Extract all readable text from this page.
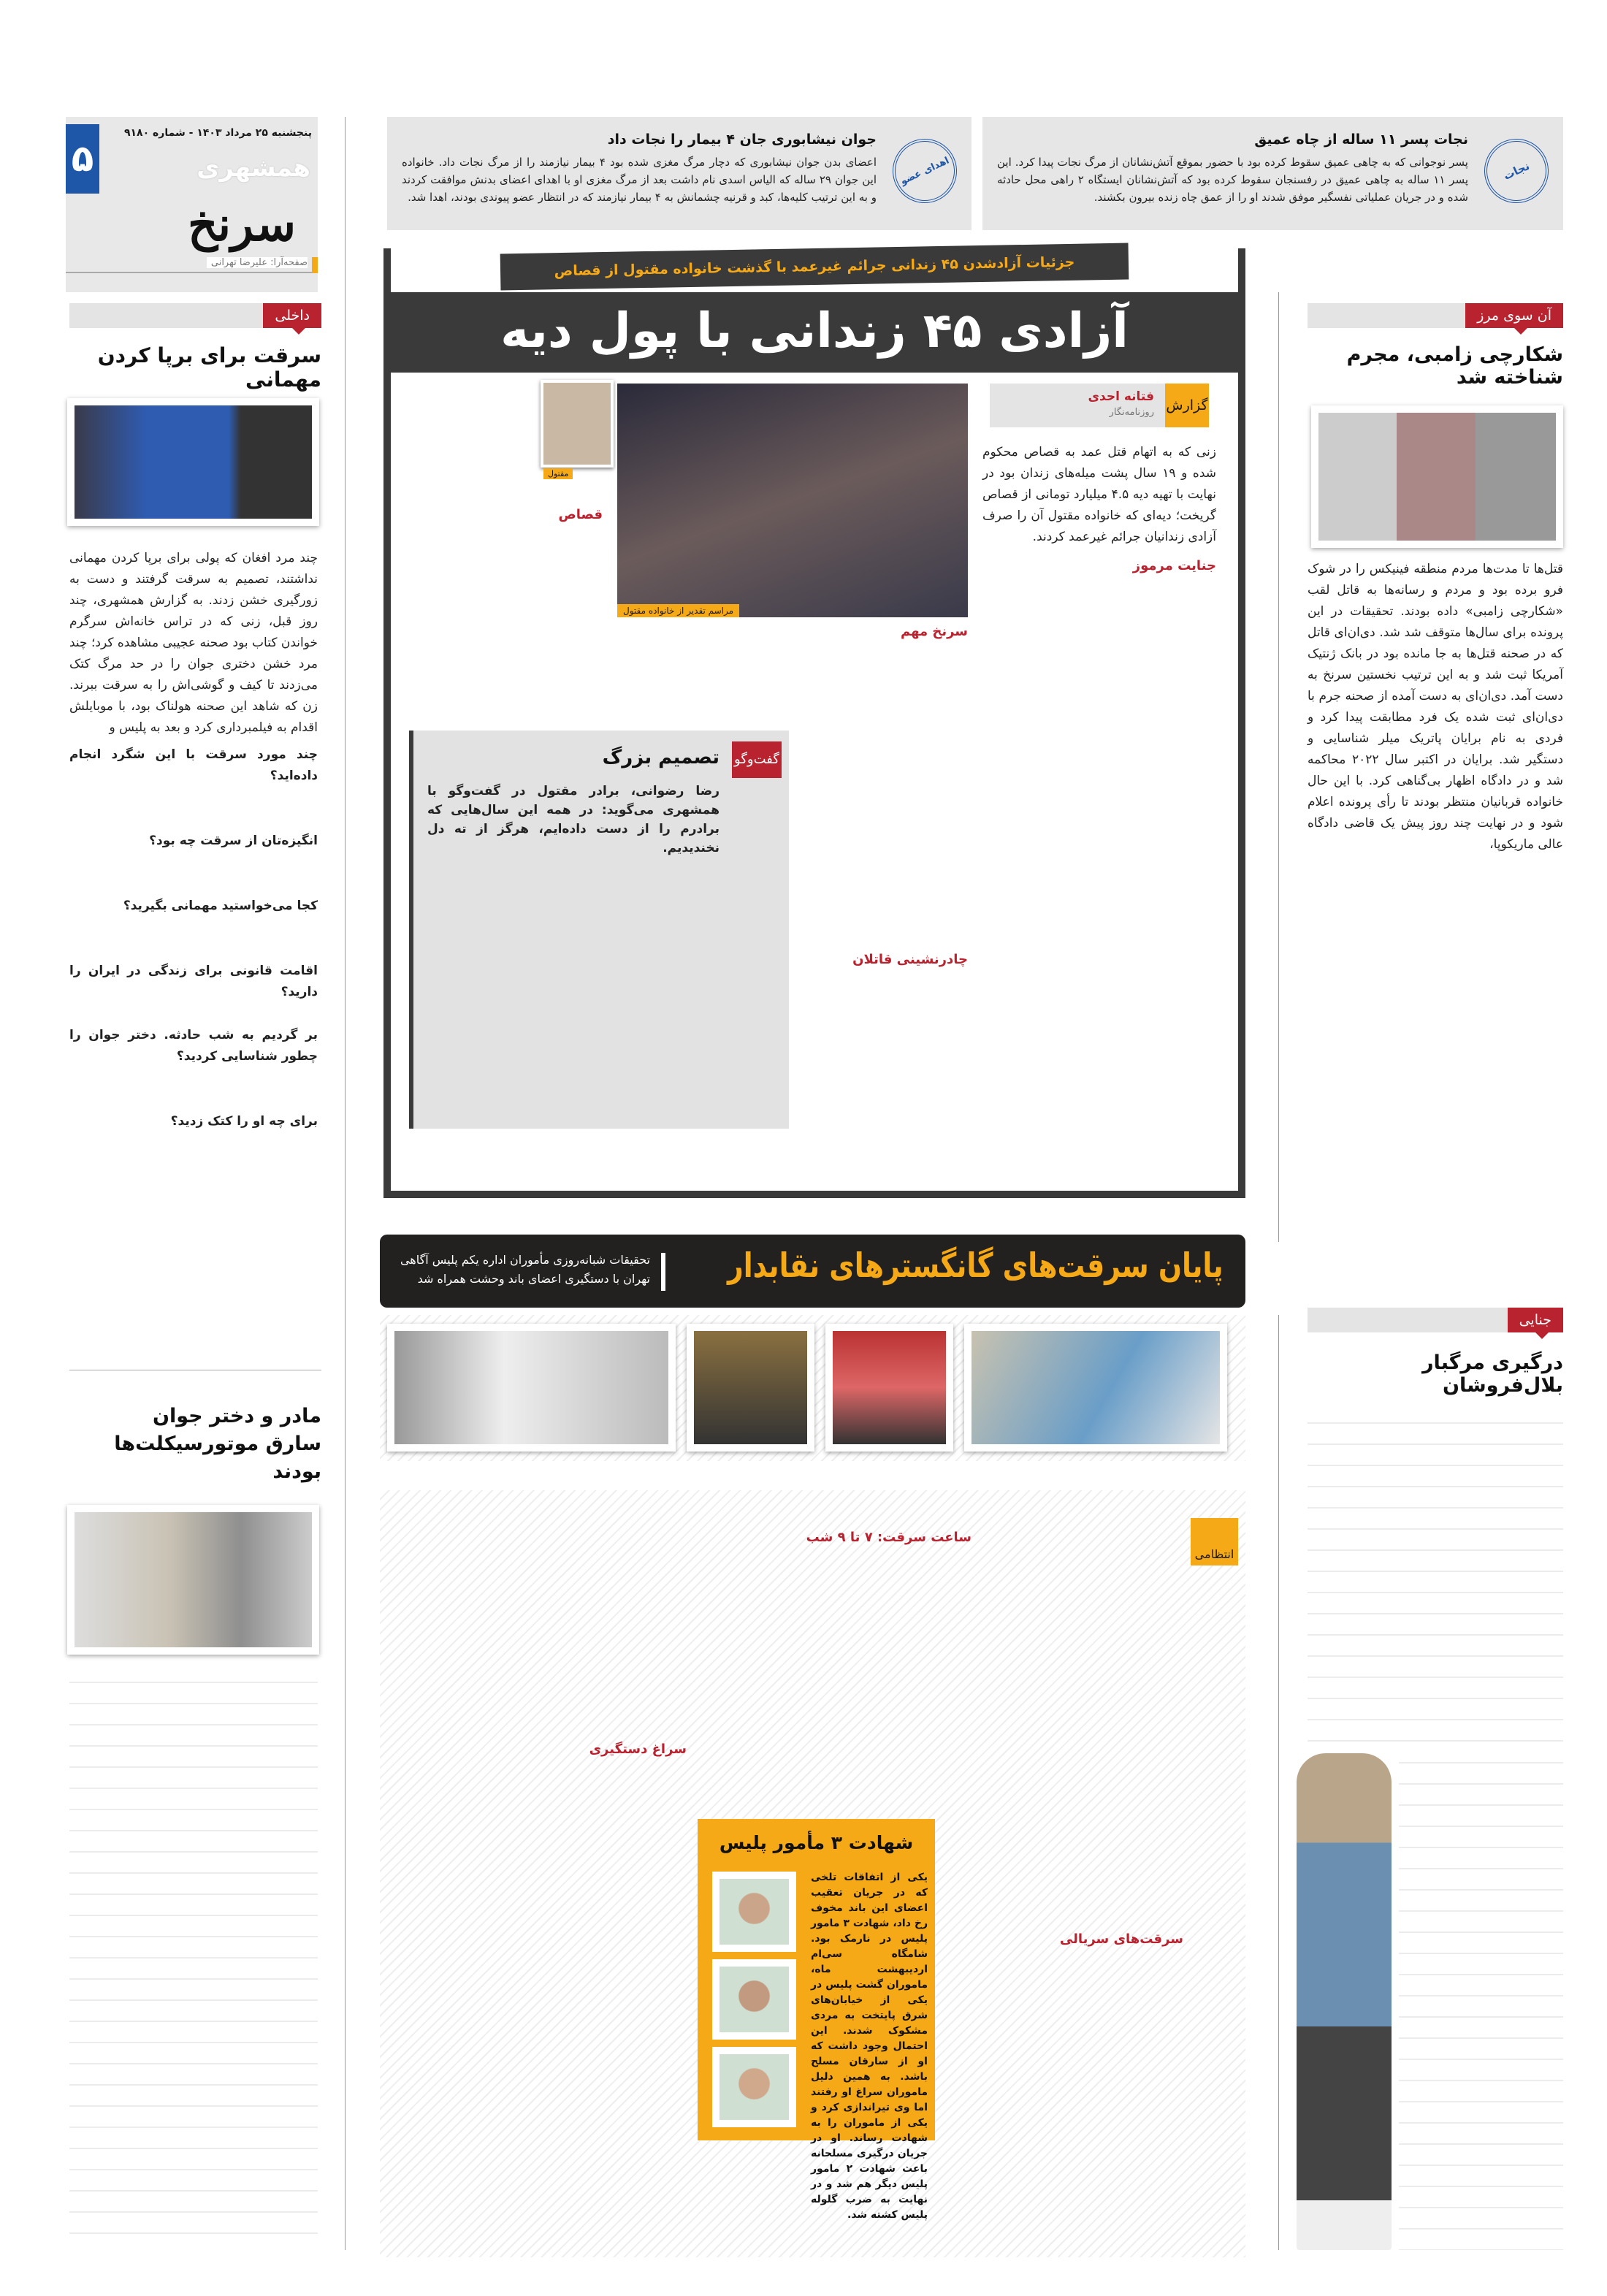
۵
پنجشنبه ۲۵ مرداد ۱۴۰۳ - شماره ۹۱۸۰
همشهری
سرنخ
صفحه‌آرا: علیرضا تهرانی
نجات
نجات پسر ۱۱ ساله از چاه عمیق
پسر نوجوانی که به چاهی عمیق سقوط کرده بود با حضور بموقع آتش‌نشانان از مرگ نجات پیدا کرد. این پسر ۱۱ ساله به چاهی عمیق در رفسنجان سقوط کرده بود که آتش‌نشانان ایستگاه ۲ راهی محل حادثه شده و در جریان عملیاتی نفسگیر موفق شدند او را از عمق چاه زنده بیرون بکشند.
اهدای عضو
جوان نیشابوری جان ۴ بیمار را نجات داد
اعضای بدن جوان نیشابوری که دچار مرگ مغزی شده بود ۴ بیمار نیازمند را از مرگ نجات داد. خانواده این جوان ۲۹ ساله که الیاس اسدی نام داشت بعد از مرگ مغزی او با اهدای اعضای بدنش موافقت کردند و به این ترتیب کلیه‌ها، کبد و قرنیه چشمانش به ۴ بیمار نیازمند که در انتظار عضو پیوندی بودند، اهدا شد.
جزئیات آزادشدن ۴۵ زندانی جرائم غیرعمد با گذشت خانواده مقتول از قصاص
آزادی ۴۵ زندانی با پول دیه
گزارش
فتانه احدی
روزنامه‌نگار
زنی که به اتهام قتل عمد به قصاص محکوم شده و ۱۹ سال پشت میله‌های زندان بود در نهایت با تهیه دیه ۴.۵ میلیارد تومانی از قصاص گریخت؛ دیه‌ای که خانواده مقتول آن را صرف آزادی زندانیان جرائم غیرعمد کردند.
جنایت مرموز
سرنخ مهم
چادرنشینی قاتلان
مراسم تقدیر از خانواده مقتول
مقتول
قصاص
گفت‌وگو
تصمیم بزرگ
رضا رضوانی، برادر مقتول در گفت‌وگو با همشهری می‌گوید: در همه این سال‌هایی که برادرم را از دست داده‌ایم، هرگز از ته دل نخندیدیم.
داخلی
سرقت برای برپا کردن مهمانی
چند مرد افغان که پولی برای برپا کردن مهمانی نداشتند، تصمیم به سرقت گرفتند و دست به زورگیری خشن زدند. به گزارش همشهری، چند روز قبل، زنی که در تراس خانه‌اش سرگرم خواندن کتاب بود صحنه عجیبی مشاهده کرد؛ چند مرد خشن دختری جوان را در حد مرگ کتک می‌زدند تا کیف و گوشی‌اش را به سرقت ببرند. زن که شاهد این صحنه هولناک بود، با موبایلش اقدام به فیلمبرداری کرد و بعد به پلیس و
چند مورد سرقت با این شگرد انجام داده‌اید؟
انگیزه‌تان از سرقت چه بود؟
کجا می‌خواستید مهمانی بگیرید؟
اقامت قانونی برای زندگی در ایران را دارید؟
بر گردیم به شب حادثه. دختر جوان را چطور شناسایی کردید؟
برای چه او را کتک زدید؟
مادر و دختر جوان
سارق موتورسیکلت‌ها بودند
آن سوی مرز
شکارچی زامبی، مجرم شناخته شد
قتل‌ها تا مدت‌ها مردم منطقه فینیکس را در شوک فرو برده بود و مردم و رسانه‌ها به قاتل لقب «شکارچی زامبی» داده بودند. تحقیقات در این پرونده برای سال‌ها متوقف شد شد. دی‌ان‌ای قاتل که در صحنه قتل‌ها به جا مانده بود در بانک ژنتیک آمریکا ثبت شد و به این ترتیب نخستین سرنخ به دست آمد. دی‌ان‌ای به دست آمده از صحنه جرم با دی‌ان‌ای ثبت شده یک فرد مطابقت پیدا کرد و فردی به نام برایان پاتریک میلر شناسایی و دستگیر شد. برایان در اکتبر سال ۲۰۲۲ محاکمه شد و در دادگاه اظهار بی‌گناهی کرد. با این حال خانواده قربانیان منتظر بودند تا رأی پرونده اعلام شود و در نهایت چند روز پیش یک قاضی دادگاه عالی ماریکوپا،
پایان سرقت‌های گانگسترهای نقابدار
تحقیقات شبانه‌روزی مأموران اداره یکم پلیس آگاهی تهران با دستگیری اعضای باند وحشت همراه شد
انتظامی
سرقت‌های سریالی
ساعت سرقت: ۷ تا ۹ شب
سراغ دستگیری
شهادت ۳ مأمور پلیس
یکی از اتفاقات تلخی که در جریان تعقیب اعضای این باند مخوف رخ داد، شهادت ۳ مامور پلیس در نارمک بود. شامگاه سی‌ام اردیبهشت ماه، ماموران گشت پلیس در یکی از خیابان‌های شرق پایتخت به مردی مشکوک شدند. این احتمال وجود داشت که او از سارقان مسلح باشد. به همین دلیل ماموران سراغ او رفتند اما وی تیراندازی کرد و یکی از ماموران را به شهادت رساند. او در جریان درگیری مسلحانه باعث شهادت ۲ مامور پلیس دیگر هم شد و در نهایت به ضرب گلوله پلیس کشته شد.
جنایی
درگیری مرگبار بلال‌فروشان
